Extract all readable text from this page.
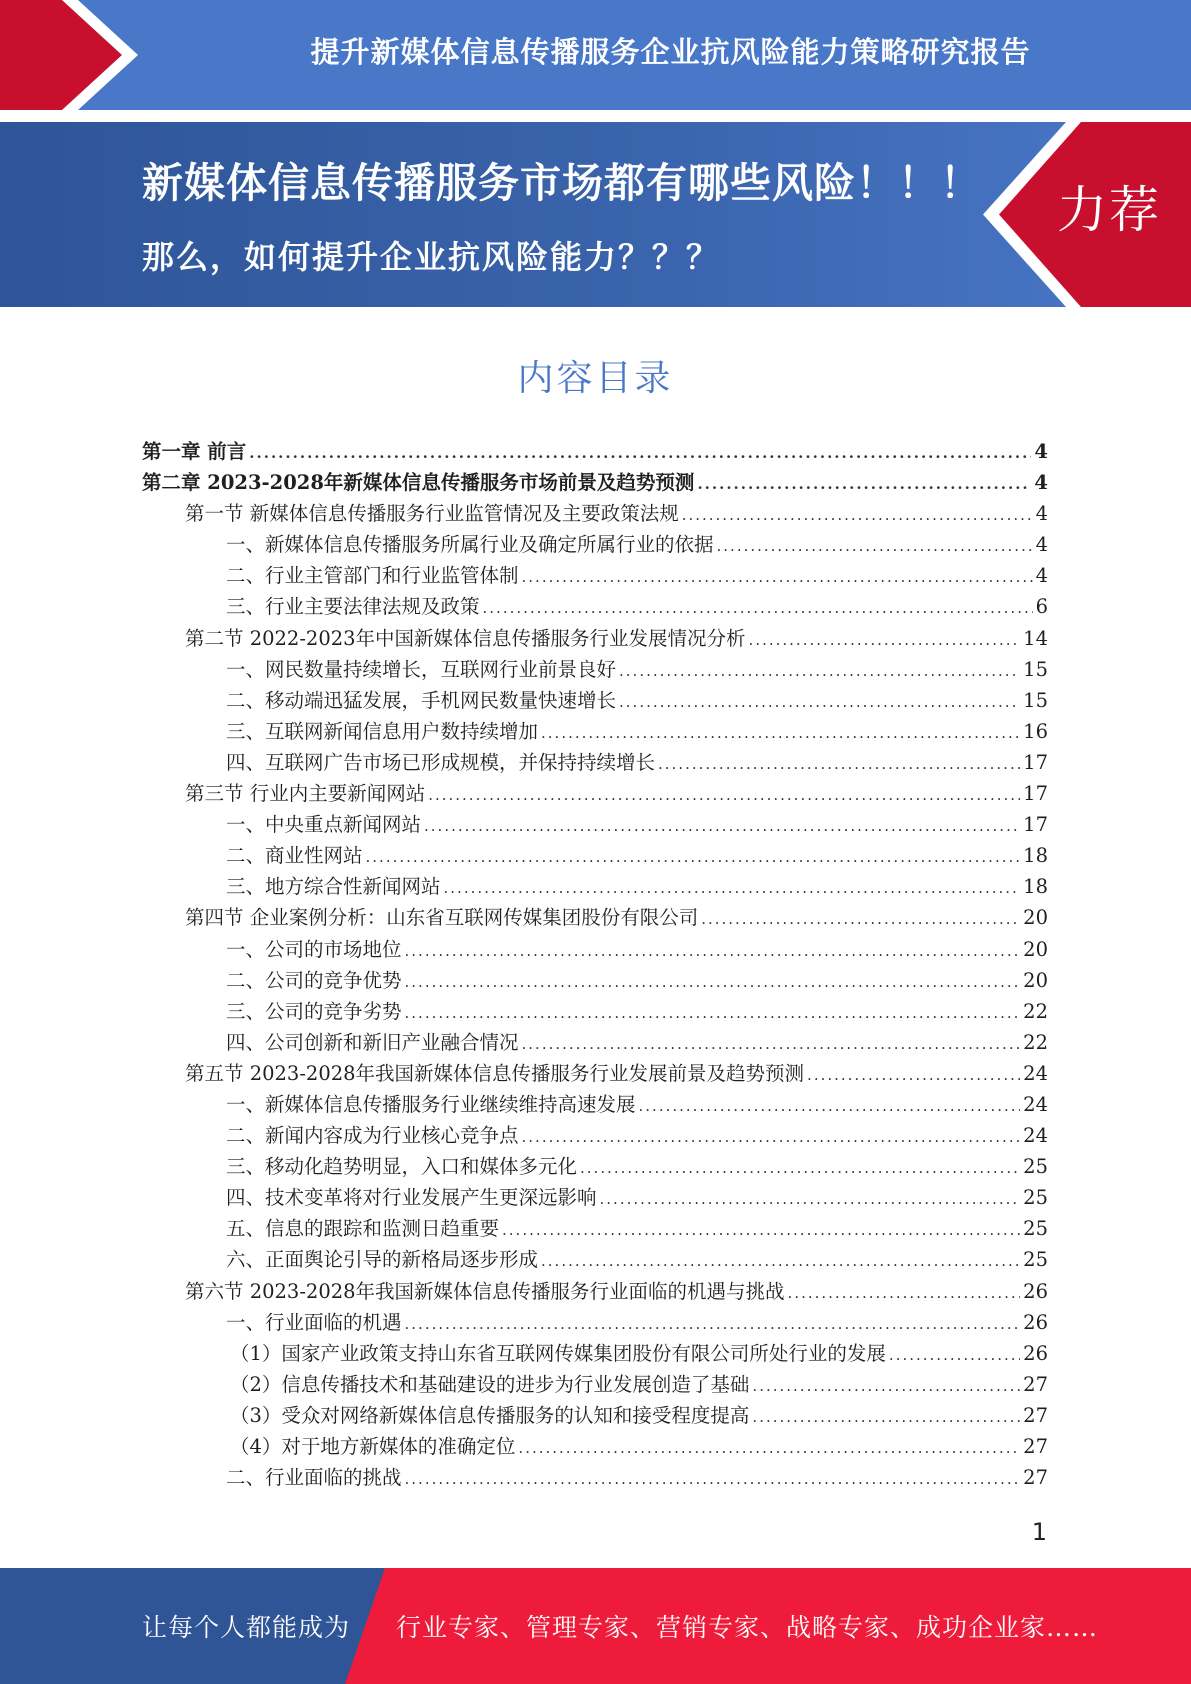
提升新媒体信息传播服务企业抗风险能力策略研究报告
新媒体信息传播服务市场都有哪些风险！！！
那么，如何提升企业抗风险能力？？？
力荐
内容目录
第一章 前言 .....	4
第二章 2023-2028年新媒体信息传播服务市场前景及趋势预测 .....	4
第一节 新媒体信息传播服务行业监管情况及主要政策法规 .....	4
一、新媒体信息传播服务所属行业及确定所属行业的依据 .....	4
二、行业主管部门和行业监管体制 .....	4
三、行业主要法律法规及政策 .....	6
第二节 2022-2023年中国新媒体信息传播服务行业发展情况分析 .....	14
一、网民数量持续增长，互联网行业前景良好 .....	15
二、移动端迅猛发展，手机网民数量快速增长 .....	15
三、互联网新闻信息用户数持续增加 .....	16
四、互联网广告市场已形成规模，并保持持续增长 .....	17
第三节 行业内主要新闻网站 .....	17
一、中央重点新闻网站 .....	17
二、商业性网站 .....	18
三、地方综合性新闻网站 .....	18
第四节 企业案例分析：山东省互联网传媒集团股份有限公司 .....	20
一、公司的市场地位 .....	20
二、公司的竞争优势 .....	20
三、公司的竞争劣势 .....	22
四、公司创新和新旧产业融合情况 .....	22
第五节 2023-2028年我国新媒体信息传播服务行业发展前景及趋势预测 .....	24
一、新媒体信息传播服务行业继续维持高速发展 .....	24
二、新闻内容成为行业核心竞争点 .....	24
三、移动化趋势明显，入口和媒体多元化 .....	25
四、技术变革将对行业发展产生更深远影响 .....	25
五、信息的跟踪和监测日趋重要 .....	25
六、正面舆论引导的新格局逐步形成 .....	25
第六节 2023-2028年我国新媒体信息传播服务行业面临的机遇与挑战 .....	26
一、行业面临的机遇 .....	26
（1）国家产业政策支持山东省互联网传媒集团股份有限公司所处行业的发展 .....	26
（2）信息传播技术和基础建设的进步为行业发展创造了基础 .....	27
（3）受众对网络新媒体信息传播服务的认知和接受程度提高 .....	27
（4）对于地方新媒体的准确定位 .....	27
二、行业面临的挑战 .....	27
1
让每个人都能成为 行业专家、管理专家、营销专家、战略专家、成功企业家……
